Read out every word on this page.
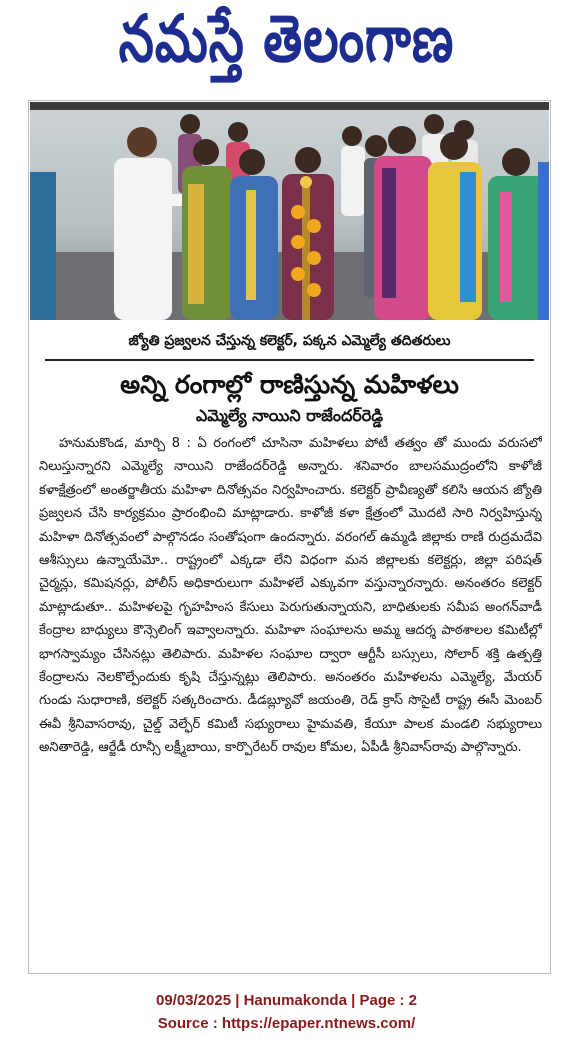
నమస్తే తెలంగాణ
జ్యోతి ప్రజ్వలన చేస్తున్న కలెక్టర్, పక్కన ఎమ్మెల్యే తదితరులు
అన్ని రంగాల్లో రాణిస్తున్న మహిళలు
ఎమ్మెల్యే నాయిని రాజేందర్‌రెడ్డి

హనుమకొండ, మార్చి 8 : ఏ రంగంలో చూసినా మహిళలు పోటీ తత్వం తో ముందు వరుసలో నిలుస్తున్నారని ఎమ్మెల్యే నాయిని రాజేందర్‌రెడ్డి అన్నారు. శనివారం బాలసముద్రంలోని కాళోజీ కళాక్షేత్రంలో అంతర్జాతీయ మహిళా దినోత్సవం నిర్వహించారు. కలెక్టర్ ప్రావీణ్యతో కలిసి ఆయన జ్యోతి ప్రజ్వలన చేసి కార్యక్రమం ప్రారంభించి మాట్లాడారు. కాళోజీ కళా క్షేత్రంలో మొదటి సారి నిర్వహిస్తున్న మహిళా దినోత్సవంలో పాల్గొనడం సంతోషంగా ఉందన్నారు. వరంగల్ ఉమ్మడి జిల్లాకు రాణి రుద్రమదేవి ఆశీస్సులు ఉన్నాయేమో.. రాష్ట్రంలో ఎక్కడా లేని విధంగా మన జిల్లాలకు కలెక్టర్లు, జిల్లా పరిషత్ చైర్మన్లు, కమిషనర్లు, పోలీస్ అధికారులుగా మహిళలే ఎక్కువగా వస్తున్నారన్నారు. అనంతరం కలెక్టర్ మాట్లాడుతూ.. మహిళలపై గృహహింస కేసులు పెరుగుతున్నాయని, బాధితులకు సమీప అంగన్‌వాడీ కేంద్రాల బాధ్యులు కౌన్సెలింగ్ ఇవ్వాలన్నారు. మహిళా సంఘాలను అమ్మ ఆదర్శ పాఠశాలల కమిటీల్లో భాగస్వామ్యం చేసినట్లు తెలిపారు. మహిళల సంఘాల ద్వారా ఆర్టీసీ బస్సులు, సోలార్ శక్తి ఉత్పత్తి కేంద్రాలను నెలకొల్పేందుకు కృషి చేస్తున్నట్లు తెలిపారు. అనంతరం మహిళలను ఎమ్మెల్యే, మేయర్ గుండు సుధారాణి, కలెక్టర్ సత్కరించారు. డీడబ్ల్యూవో జయంతి, రెడ్ క్రాస్ సొసైటీ రాష్ట్ర ఈసీ మెంబర్ ఈవీ శ్రీనివాసరావు, చైల్డ్ వెల్ఫేర్ కమిటీ సభ్యురాలు హైమవతి, కేయూ పాలక మండలి సభ్యురాలు అనితారెడ్డి, ఆర్జేడీ రూన్సీ లక్ష్మీబాయి, కార్పొరేటర్ రావుల కోమల, ఏపీడీ శ్రీనివాస్‌రావు పాల్గొన్నారు.

09/03/2025 | Hanumakonda | Page : 2
Source : https://epaper.ntnews.com/
